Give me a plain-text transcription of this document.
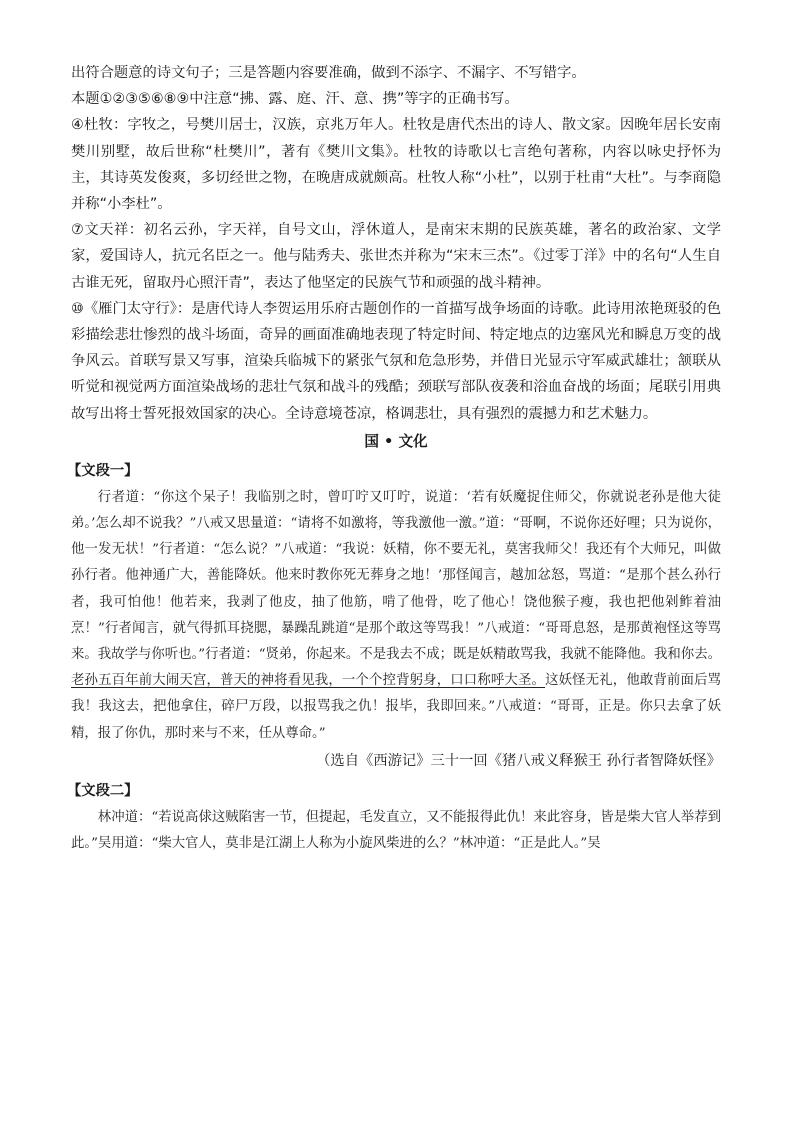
出符合题意的诗文句子；三是答题内容要准确，做到不添字、不漏字、不写错字。

本题①②③⑤⑥⑧⑨中注意“拂、露、庭、汗、意、携”等字的正确书写。

④杜牧：字牧之，号樊川居士，汉族，京兆万年人。杜牧是唐代杰出的诗人、散文家。因晚年居长安南樊川别墅，故后世称“杜樊川”，著有《樊川文集》。杜牧的诗歌以七言绝句著称，内容以咏史抒怀为主，其诗英发俊爽，多切经世之物，在晚唐成就颇高。杜牧人称“小杜”，以别于杜甫“大杜”。与李商隐并称“小李杜”。

⑦文天祥：初名云孙，字天祥，自号文山，浮休道人，是南宋末期的民族英雄，著名的政治家、文学家，爱国诗人，抗元名臣之一。他与陆秀夫、张世杰并称为“宋末三杰”。《过零丁洋》中的名句“人生自古谁无死，留取丹心照汗青”，表达了他坚定的民族气节和顽强的战斗精神。

⑩《雁门太守行》：是唐代诗人李贺运用乐府古题创作的一首描写战争场面的诗歌。此诗用浓艳斑驳的色彩描绘悲壮惨烈的战斗场面，奇异的画面准确地表现了特定时间、特定地点的边塞风光和瞬息万变的战争风云。首联写景又写事，渲染兵临城下的紧张气氛和危急形势，并借日光显示守军威武雄壮；颔联从听觉和视觉两方面渲染战场的悲壮气氛和战斗的残酷；颈联写部队夜袭和浴血奋战的场面；尾联引用典故写出将士誓死报效国家的决心。全诗意境苍凉，格调悲壮，具有强烈的震撼力和艺术魅力。

国 • 文化
【文段一】

行者道：“你这个呆子！我临别之时，曾叮咛又叮咛，说道：‘若有妖魔捉住师父，你就说老孙是他大徒弟。’怎么却不说我？”八戒又思量道：“请将不如激将，等我激他一激。”道：“哥啊，不说你还好哩；只为说你，他一发无状！”行者道：“怎么说？”八戒道：“我说：妖精，你不要无礼，莫害我师父！我还有个大师兄，叫做孙行者。他神通广大，善能降妖。他来时教你死无葬身之地！’那怪闻言，越加忿怒，骂道：“是那个甚么孙行者，我可怕他！他若来，我剥了他皮，抽了他筋，啃了他骨，吃了他心！饶他猴子瘦，我也把他剁鲊着油烹！”行者闻言，就气得抓耳挠腮，暴躁乱跳道“是那个敢这等骂我！”八戒道：“哥哥息怒，是那黄袍怪这等骂来。我故学与你听也。”行者道：“贤弟，你起来。不是我去不成；既是妖精敢骂我，我就不能降他。我和你去。老孙五百年前大闹天宫，普天的神将看见我，一个个控背躬身，口口称呼大圣。这妖怪无礼，他敢背前面后骂我！我这去，把他拿住，碎尸万段，以报骂我之仇！报毕，我即回来。”八戒道：“哥哥，正是。你只去拿了妖精，报了你仇，那时来与不来，任从尊命。”

（选自《西游记》三十一回《猪八戒义释猴王 孙行者智降妖怪》

【文段二】

林冲道：“若说高俅这贼陷害一节，但提起，毛发直立，又不能报得此仇！来此容身，皆是柴大官人举荐到此。”吴用道：“柴大官人，莫非是江湖上人称为小旋风柴进的么？”林冲道：“正是此人。”吴
